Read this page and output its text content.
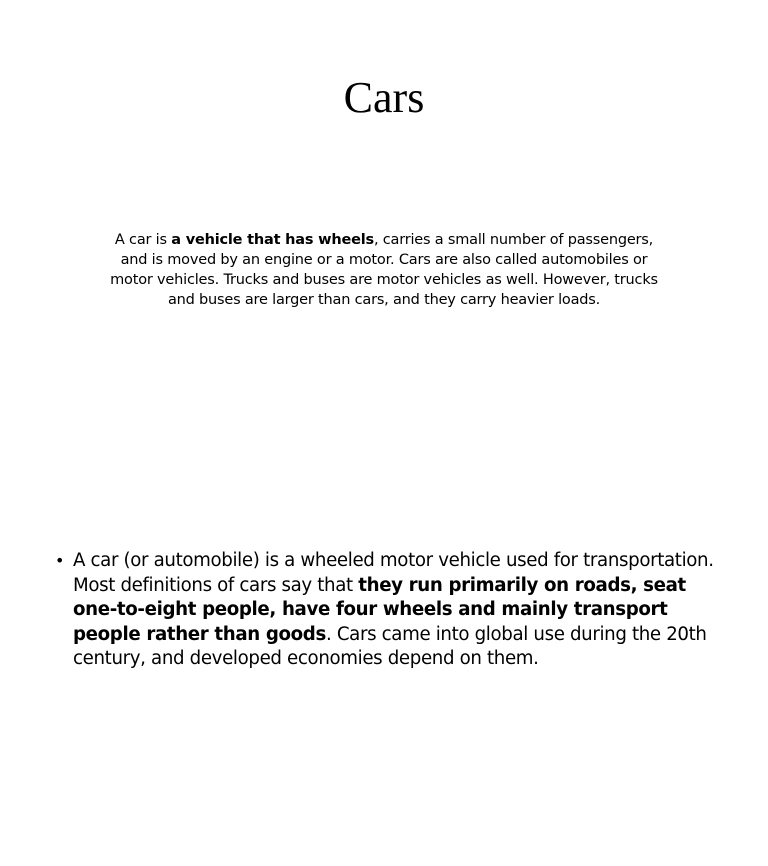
Cars

A car is a vehicle that has wheels, carries a small number of passengers, and is moved by an engine or a motor. Cars are also called automobiles or motor vehicles. Trucks and buses are motor vehicles as well. However, trucks and buses are larger than cars, and they carry heavier loads.

• A car (or automobile) is a wheeled motor vehicle used for transportation. Most definitions of cars say that they run primarily on roads, seat one-to-eight people, have four wheels and mainly transport people rather than goods. Cars came into global use during the 20th century, and developed economies depend on them.
